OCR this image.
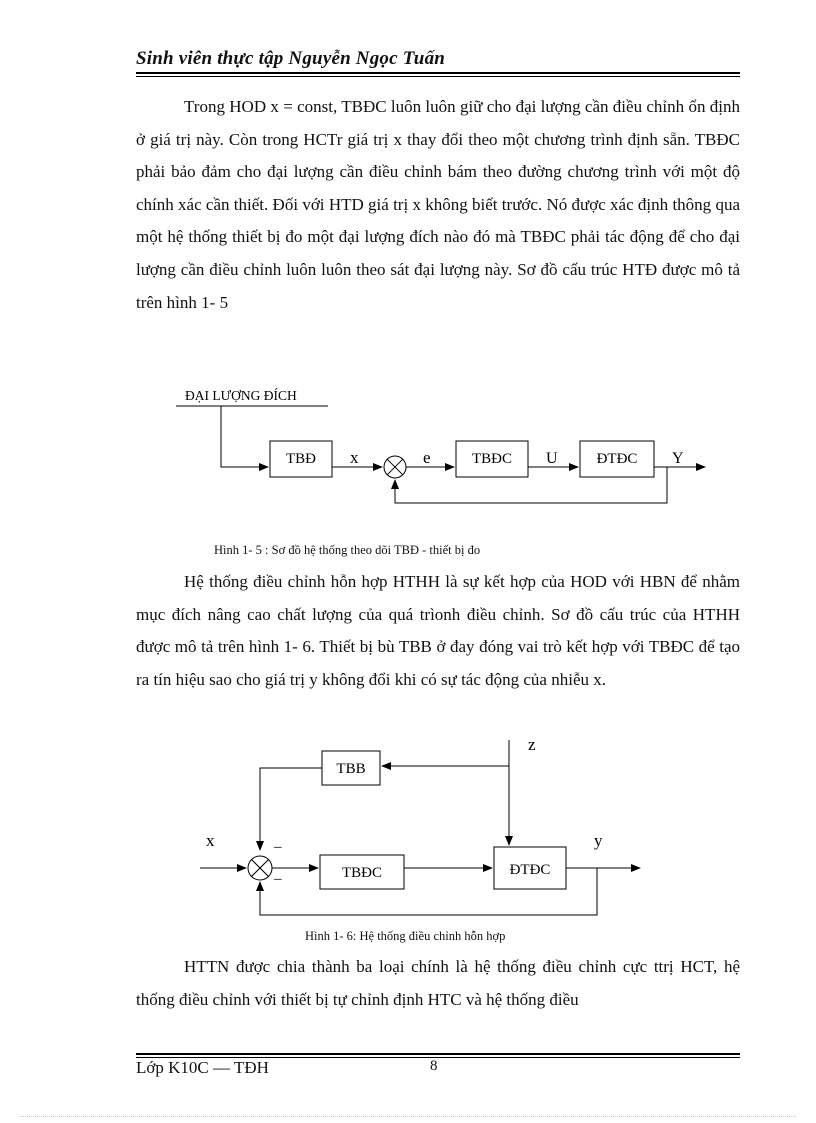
Sinh viên thực tập Nguyễn Ngọc Tuấn

Trong HOD x = const, TBĐC luôn luôn giữ cho đại lượng cần điều chỉnh ổn định ở giá trị này. Còn trong HCTr giá trị x thay đổi theo một chương trình định sẵn. TBĐC phải bảo đảm cho đại lượng cần điều chỉnh bám theo đường chương trình với một độ chính xác cần thiết. Đối với HTD giá trị x không biết trước. Nó được xác định thông qua một hệ thống thiết bị đo một đại lượng đích nào đó mà TBĐC phải tác động để cho đại lượng cần điều chỉnh luôn luôn theo sát đại lượng này. Sơ đồ cấu trúc HTĐ được mô tả trên hình 1- 5

ĐẠI LƯỢNG ĐÍCH
TBĐ x	e	TBĐC U	ĐTĐC Y
Hình 1- 5 : Sơ đồ hệ thống theo dõi TBĐ - thiết bị đo

Hệ thống điều chỉnh hỗn hợp HTHH là sự kết hợp của HOD với HBN để nhằm mục đích nâng cao chất lượng của quá trìonh điều chỉnh. Sơ đồ cấu trúc của HTHH được mô tả trên hình 1- 6. Thiết bị bù TBB ở đay đóng vai trò kết hợp với TBĐC để tạo ra tín hiệu sao cho giá trị y không đổi khi có sự tác động của nhiễu x.

z
TBB
x	_
_	TBĐC	ĐTĐC
y
Hình 1- 6: Hệ thống điều chỉnh hỗn hợp

HTTN được chia thành ba loại chính là hệ thống điều chỉnh cực ttrị HCT, hệ thống điều chỉnh với thiết bị tự chỉnh định HTC và hệ thống điều

Lớp K10C — TĐH	8
